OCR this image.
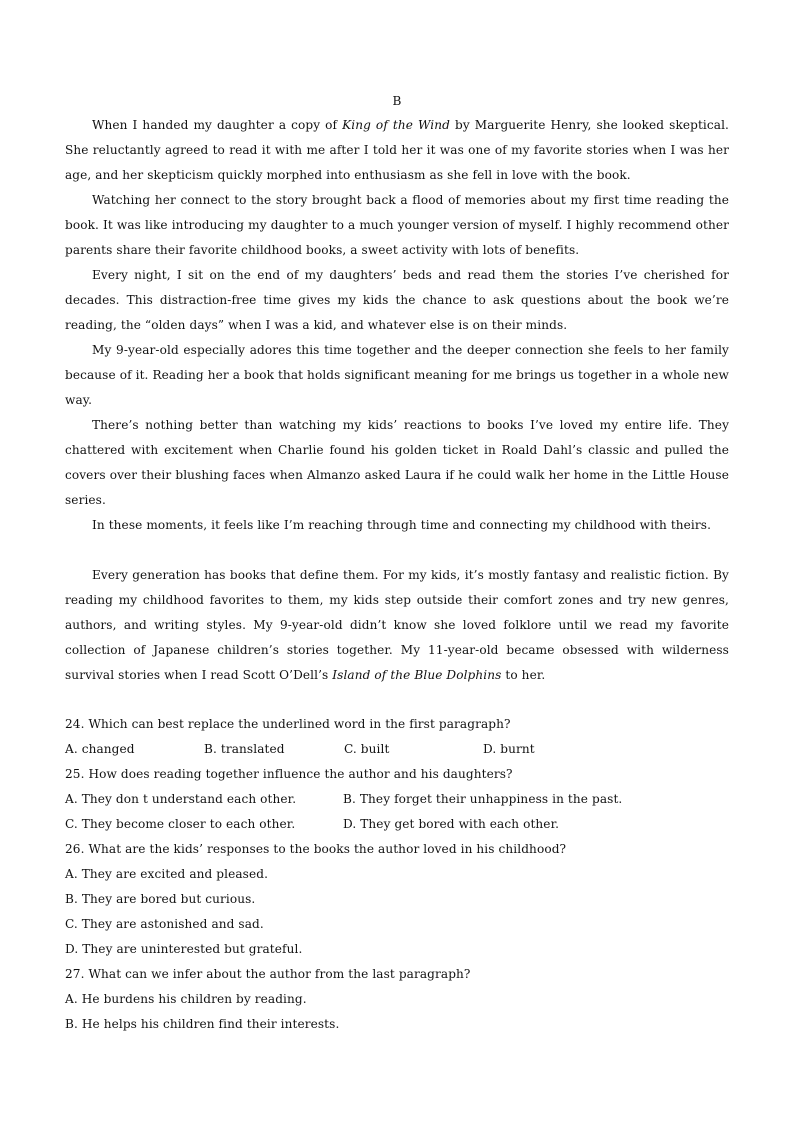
B

When I handed my daughter a copy of King of the Wind by Marguerite Henry, she looked skeptical. She reluctantly agreed to read it with me after I told her it was one of my favorite stories when I was her age, and her skepticism quickly morphed into enthusiasm as she fell in love with the book.

Watching her connect to the story brought back a flood of memories about my first time reading the book. It was like introducing my daughter to a much younger version of myself. I highly recommend other parents share their favorite childhood books, a sweet activity with lots of benefits.

Every night, I sit on the end of my daughters’ beds and read them the stories I’ve cherished for decades. This distraction-free time gives my kids the chance to ask questions about the book we’re reading, the “olden days” when I was a kid, and whatever else is on their minds.

My 9-year-old especially adores this time together and the deeper connection she feels to her family because of it. Reading her a book that holds significant meaning for me brings us together in a whole new way.

There’s nothing better than watching my kids’ reactions to books I’ve loved my entire life. They chattered with excitement when Charlie found his golden ticket in Roald Dahl’s classic and pulled the covers over their blushing faces when Almanzo asked Laura if he could walk her home in the Little House series.

In these moments, it feels like I’m reaching through time and connecting my childhood with theirs.

Every generation has books that define them. For my kids, it’s mostly fantasy and realistic fiction. By reading my childhood favorites to them, my kids step outside their comfort zones and try new genres, authors, and writing styles. My 9-year-old didn’t know she loved folklore until we read my favorite collection of Japanese children’s stories together. My 11-year-old became obsessed with wilderness survival stories when I read Scott O’Dell’s Island of the Blue Dolphins to her.

24. Which can best replace the underlined word in the first paragraph?
A. changed	B. translated	C. built	D. burnt
25. How does reading together influence the author and his daughters?
A. They don t understand each other.	B. They forget their unhappiness in the past.
C. They become closer to each other.	D. They get bored with each other.
26. What are the kids’ responses to the books the author loved in his childhood?
A. They are excited and pleased.
B. They are bored but curious.
C. They are astonished and sad.
D. They are uninterested but grateful.
27. What can we infer about the author from the last paragraph?
A. He burdens his children by reading.
B. He helps his children find their interests.
